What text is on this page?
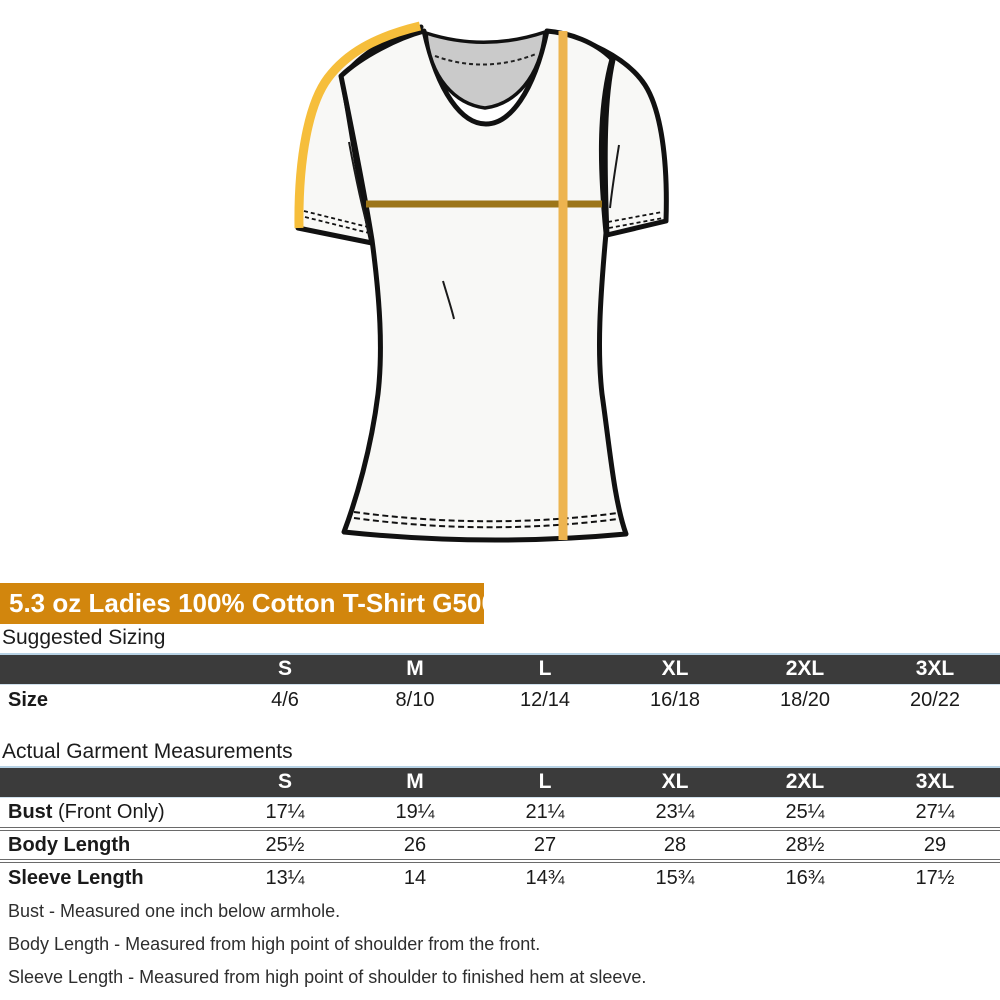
5.3 oz Ladies 100% Cotton T-Shirt G500L
Suggested Sizing
	S	M	L	XL	2XL	3XL
Size	4/6	8/10	12/14	16/18	18/20	20/22
Actual Garment Measurements
	S	M	L	XL	2XL	3XL
Bust (Front Only)	17¼	19¼	21¼	23¼	25¼	27¼
Body Length	25½	26	27	28	28½	29
Sleeve Length	13¼	14	14¾	15¾	16¾	17½

Bust - Measured one inch below armhole.

Body Length - Measured from high point of shoulder from the front.

Sleeve Length - Measured from high point of shoulder to finished hem at sleeve.
